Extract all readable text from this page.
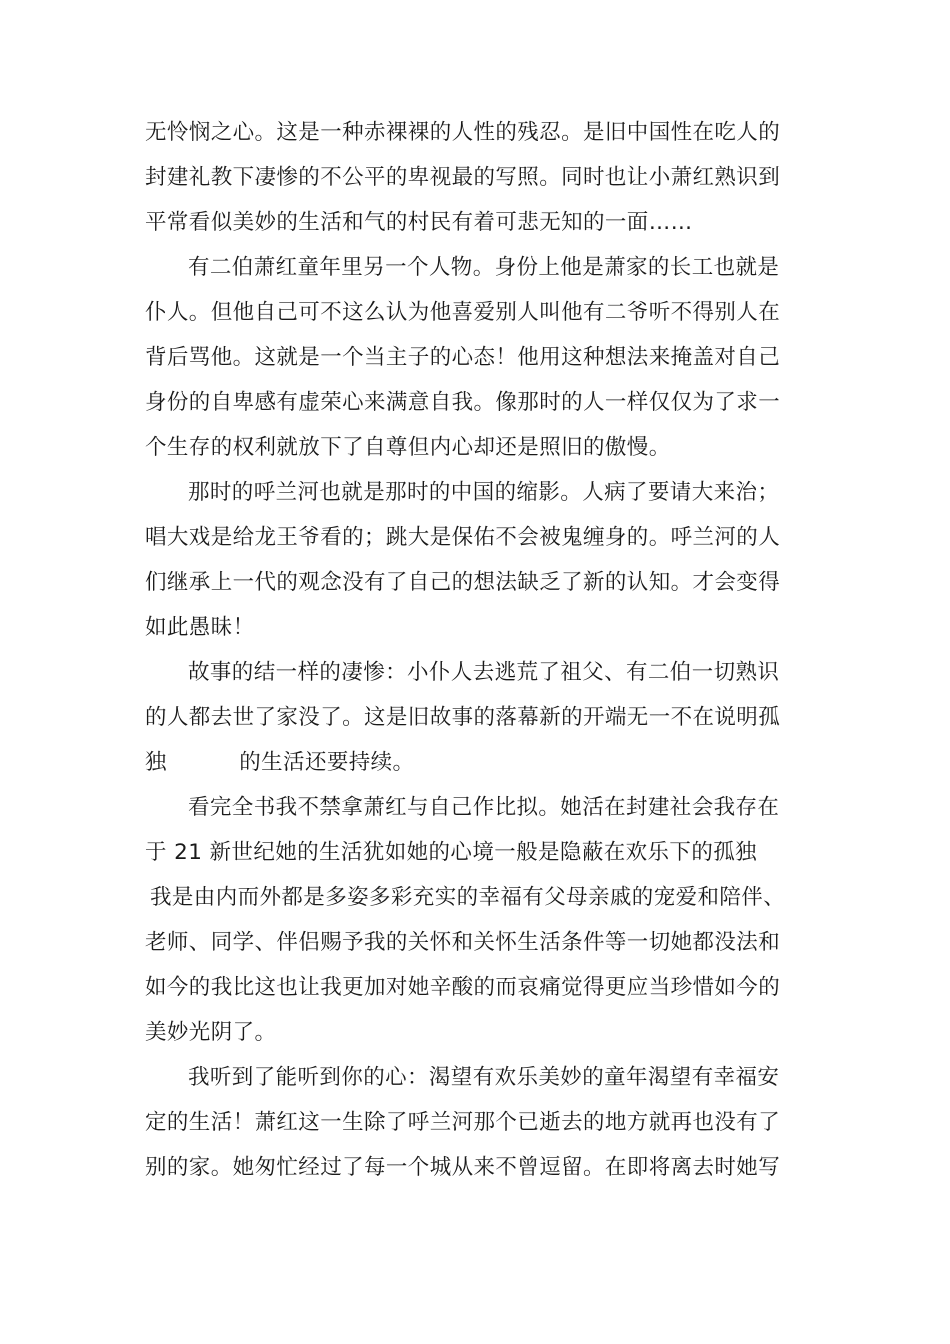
无怜悯之心。这是一种赤裸裸的人性的残忍。是旧中国性在吃人的
封建礼教下凄惨的不公平的卑视最的写照。同时也让小萧红熟识到
平常看似美妙的生活和气的村民有着可悲无知的一面……
有二伯萧红童年里另一个人物。身份上他是萧家的长工也就是
仆人。但他自己可不这么认为他喜爱别人叫他有二爷听不得别人在
背后骂他。这就是一个当主子的心态！他用这种想法来掩盖对自己
身份的自卑感有虚荣心来满意自我。像那时的人一样仅仅为了求一
个生存的权利就放下了自尊但内心却还是照旧的傲慢。
那时的呼兰河也就是那时的中国的缩影。人病了要请大来治；
唱大戏是给龙王爷看的；跳大是保佑不会被鬼缠身的。呼兰河的人
们继承上一代的观念没有了自己的想法缺乏了新的认知。才会变得
如此愚昧！
故事的结一样的凄惨：小仆人去逃荒了祖父、有二伯一切熟识
的人都去世了家没了。这是旧故事的落幕新的开端无一不在说明孤
独          的生活还要持续。
看完全书我不禁拿萧红与自己作比拟。她活在封建社会我存在
于 21 新世纪她的生活犹如她的心境一般是隐蔽在欢乐下的孤独
我是由内而外都是多姿多彩充实的幸福有父母亲戚的宠爱和陪伴、
老师、同学、伴侣赐予我的关怀和关怀生活条件等一切她都没法和
如今的我比这也让我更加对她辛酸的而哀痛觉得更应当珍惜如今的
美妙光阴了。
我听到了能听到你的心：渴望有欢乐美妙的童年渴望有幸福安
定的生活！萧红这一生除了呼兰河那个已逝去的地方就再也没有了
别的家。她匆忙经过了每一个城从来不曾逗留。在即将离去时她写
